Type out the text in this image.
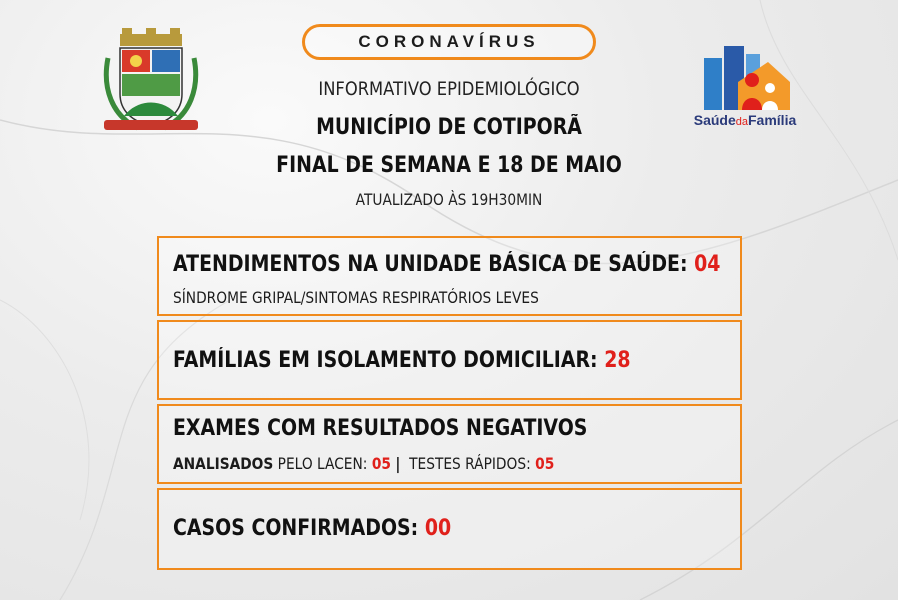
CORONAVÍRUS
INFORMATIVO EPIDEMIOLÓGICO
MUNICÍPIO DE COTIPORÃ
FINAL DE SEMANA E 18 DE MAIO
ATUALIZADO ÀS 19H30MIN
SaúdedaFamília
ATENDIMENTOS NA UNIDADE BÁSICA DE SAÚDE: 04
SÍNDROME GRIPAL/SINTOMAS RESPIRATÓRIOS LEVES
FAMÍLIAS EM ISOLAMENTO DOMICILIAR: 28
EXAMES COM RESULTADOS NEGATIVOS
ANALISADOS PELO LACEN: 05 | TESTES RÁPIDOS: 05
CASOS CONFIRMADOS: 00
